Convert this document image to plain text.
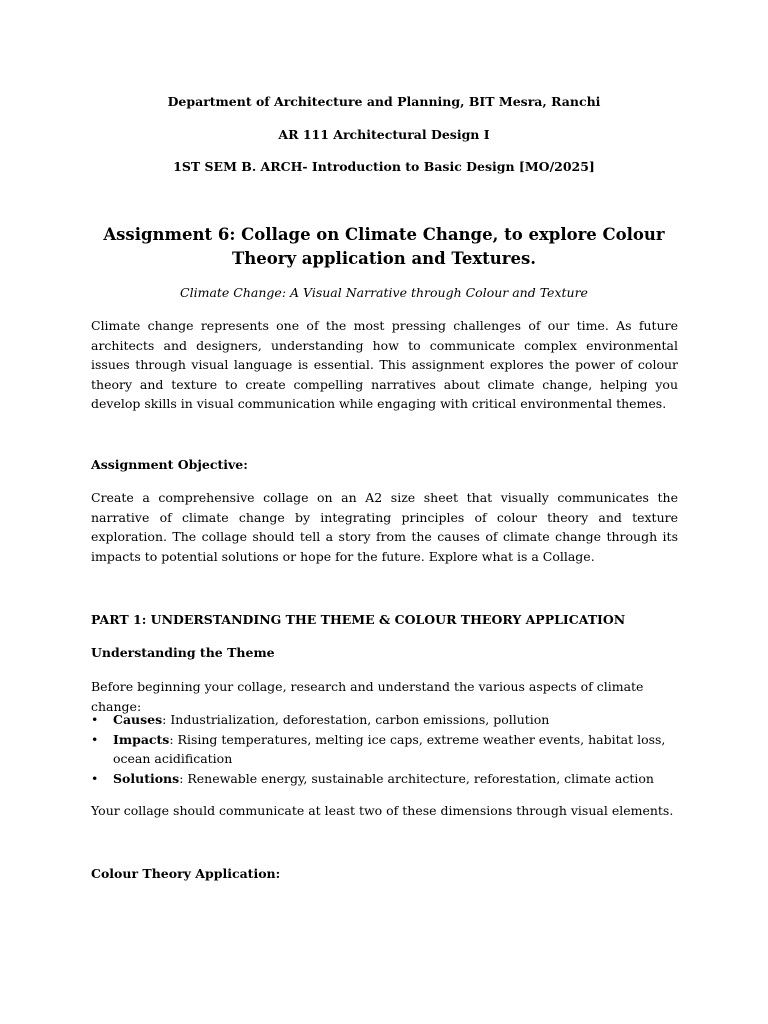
Department of Architecture and Planning, BIT Mesra, Ranchi
AR 111 Architectural Design I
1ST SEM B. ARCH- Introduction to Basic Design [MO/2025]
Assignment 6: Collage on Climate Change, to explore Colour Theory application and Textures.
Climate Change: A Visual Narrative through Colour and Texture

Climate change represents one of the most pressing challenges of our time. As future architects and designers, understanding how to communicate complex environmental issues through visual language is essential. This assignment explores the power of colour theory and texture to create compelling narratives about climate change, helping you develop skills in visual communication while engaging with critical environmental themes.

Assignment Objective:

Create a comprehensive collage on an A2 size sheet that visually communicates the narrative of climate change by integrating principles of colour theory and texture exploration. The collage should tell a story from the causes of climate change through its impacts to potential solutions or hope for the future. Explore what is a Collage.

PART 1: UNDERSTANDING THE THEME & COLOUR THEORY APPLICATION
Understanding the Theme

Before beginning your collage, research and understand the various aspects of climate change:

• Causes: Industrialization, deforestation, carbon emissions, pollution
• Impacts: Rising temperatures, melting ice caps, extreme weather events, habitat loss, ocean acidification
• Solutions: Renewable energy, sustainable architecture, reforestation, climate action

Your collage should communicate at least two of these dimensions through visual elements.

Colour Theory Application:
